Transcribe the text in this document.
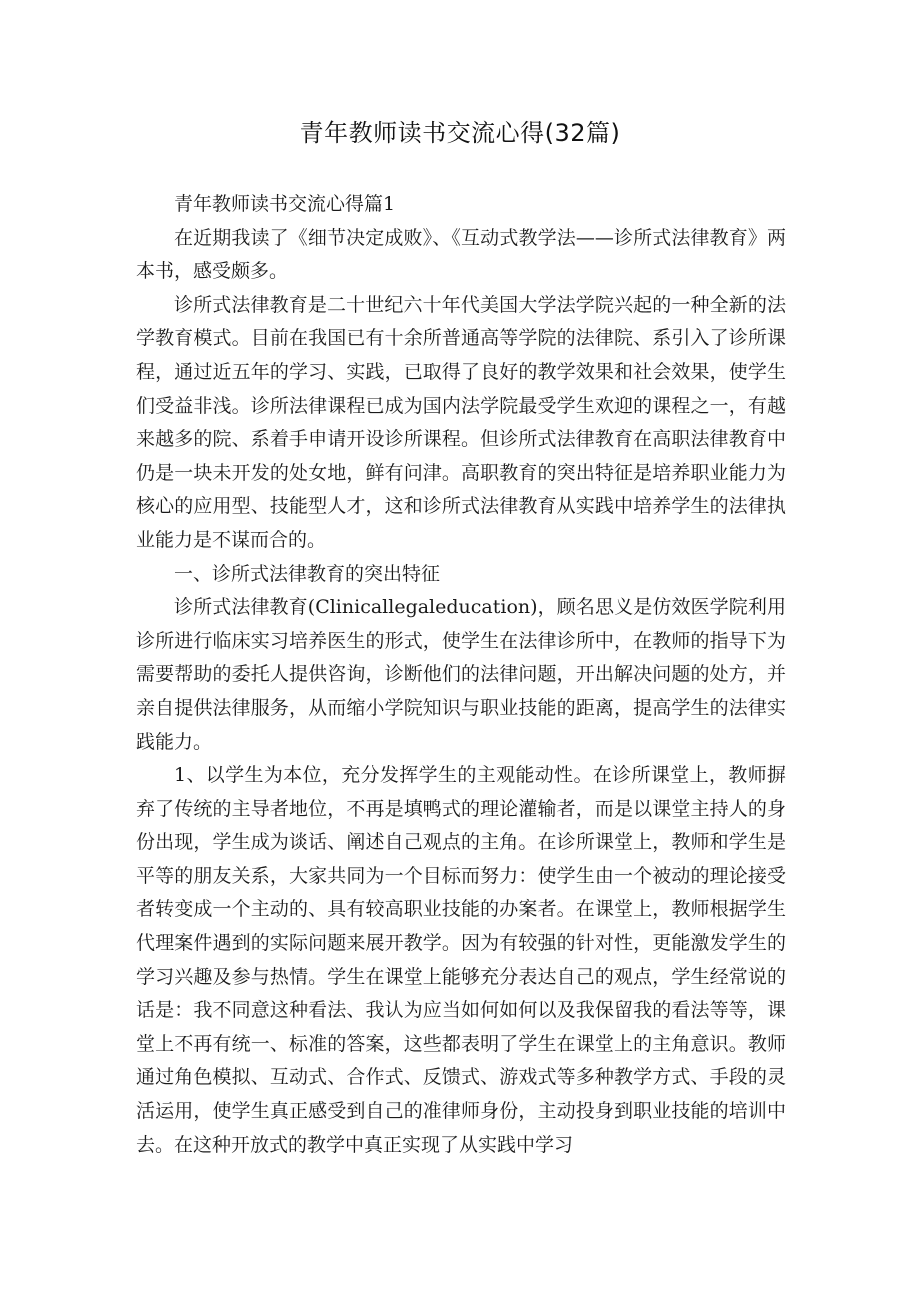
青年教师读书交流心得(32篇)

青年教师读书交流心得篇1

在近期我读了《细节决定成败》、《互动式教学法——诊所式法律教育》两本书，感受颇多。

诊所式法律教育是二十世纪六十年代美国大学法学院兴起的一种全新的法学教育模式。目前在我国已有十余所普通高等学院的法律院、系引入了诊所课程，通过近五年的学习、实践，已取得了良好的教学效果和社会效果，使学生们受益非浅。诊所法律课程已成为国内法学院最受学生欢迎的课程之一，有越来越多的院、系着手申请开设诊所课程。但诊所式法律教育在高职法律教育中仍是一块未开发的处女地，鲜有问津。高职教育的突出特征是培养职业能力为核心的应用型、技能型人才，这和诊所式法律教育从实践中培养学生的法律执业能力是不谋而合的。

一、诊所式法律教育的突出特征

诊所式法律教育(Clinicallegaleducation)，顾名思义是仿效医学院利用诊所进行临床实习培养医生的形式，使学生在法律诊所中，在教师的指导下为需要帮助的委托人提供咨询，诊断他们的法律问题，开出解决问题的处方，并亲自提供法律服务，从而缩小学院知识与职业技能的距离，提高学生的法律实践能力。

1、以学生为本位，充分发挥学生的主观能动性。在诊所课堂上，教师摒弃了传统的主导者地位，不再是填鸭式的理论灌输者，而是以课堂主持人的身份出现，学生成为谈话、阐述自己观点的主角。在诊所课堂上，教师和学生是平等的朋友关系，大家共同为一个目标而努力：使学生由一个被动的理论接受者转变成一个主动的、具有较高职业技能的办案者。在课堂上，教师根据学生代理案件遇到的实际问题来展开教学。因为有较强的针对性，更能激发学生的学习兴趣及参与热情。学生在课堂上能够充分表达自己的观点，学生经常说的话是：我不同意这种看法、我认为应当如何如何以及我保留我的看法等等，课堂上不再有统一、标准的答案，这些都表明了学生在课堂上的主角意识。教师通过角色模拟、互动式、合作式、反馈式、游戏式等多种教学方式、手段的灵活运用，使学生真正感受到自己的准律师身份，主动投身到职业技能的培训中去。在这种开放式的教学中真正实现了从实践中学习
